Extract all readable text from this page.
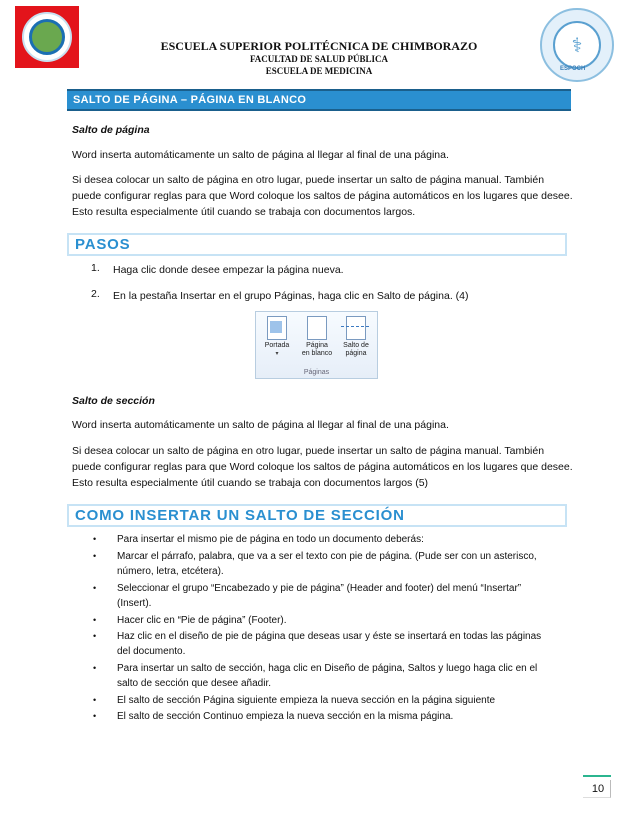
⚕
ESPOCH
ESCUELA SUPERIOR POLITÉCNICA DE CHIMBORAZO
FACULTAD DE SALUD PÚBLICA
ESCUELA DE MEDICINA
SALTO DE PÁGINA – PÁGINA EN BLANCO
Salto de página
Word inserta automáticamente un salto de página al llegar al final de una página.
Si desea colocar un salto de página en otro lugar, puede insertar un salto de página manual. También
puede configurar reglas para que Word coloque los saltos de página automáticos en los lugares que desee.
Esto resulta especialmente útil cuando se trabaja con documentos largos.
PASOS
1. Haga clic donde desee empezar la página nueva.
2. En la pestaña Insertar en el grupo Páginas, haga clic en Salto de página. (4)
Portada
▾
Página
en blanco
Salto de
página
Páginas
Salto de sección
Word inserta automáticamente un salto de página al llegar al final de una página.
Si desea colocar un salto de página en otro lugar, puede insertar un salto de página manual. También
puede configurar reglas para que Word coloque los saltos de página automáticos en los lugares que desee.
Esto resulta especialmente útil cuando se trabaja con documentos largos (5)
COMO INSERTAR UN SALTO DE SECCIÓN
• Para insertar el mismo pie de página en todo un documento deberás:
• Marcar el párrafo, palabra, que va a ser el texto con pie de página. (Pude ser con un asterisco,
número, letra, etcétera).
• Seleccionar el grupo “Encabezado y pie de página” (Header and footer) del menú “Insertar”
(Insert).
• Hacer clic en “Pie de página” (Footer).
• Haz clic en el diseño de pie de página que deseas usar y éste se insertará en todas las páginas
del documento.
• Para insertar un salto de sección, haga clic en Diseño de página, Saltos y luego haga clic en el
salto de sección que desee añadir.
• El salto de sección Página siguiente empieza la nueva sección en la página siguiente
• El salto de sección Continuo empieza la nueva sección en la misma página.
10
